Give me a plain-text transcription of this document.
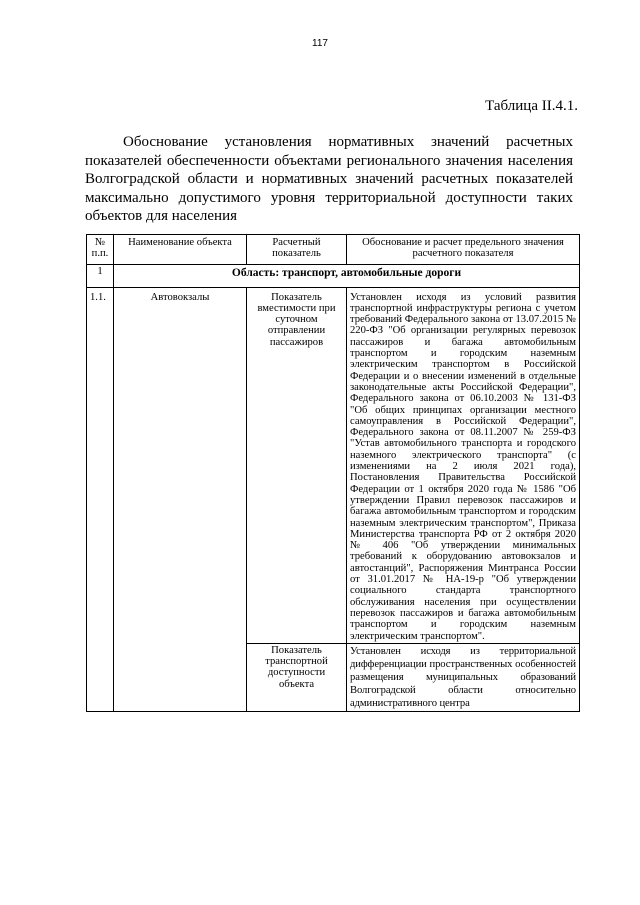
117
Таблица II.4.1.

Обоснование установления нормативных значений расчетных показателей обеспеченности объектами регионального значения населения Волгоградской области и нормативных значений расчетных показателей максимально допустимого уровня территориальной доступности таких объектов для населения

№ п.п.	Наименование объекта	Расчетный показатель	Обоснование и расчет предельного значения расчетного показателя
1	Область: транспорт, автомобильные дороги		
1.1.	Автовокзалы	Показатель вместимости при суточном отправлении пассажиров	Установлен исходя из условий развития транспортной инфраструктуры региона с учетом требований Федерального закона от 13.07.2015 № 220-ФЗ "Об организации регулярных перевозок пассажиров и багажа автомобильным транспортом и городским наземным электрическим транспортом в Российской Федерации и о внесении изменений в отдельные законодательные акты Российской Федерации", Федерального закона от 06.10.2003 № 131-ФЗ "Об общих принципах организации местного самоуправления в Российской Федерации", Федерального закона от 08.11.2007 № 259-ФЗ "Устав автомобильного транспорта и городского наземного электрического транспорта" (с изменениями на 2 июля 2021 года), Постановления Правительства Российской Федерации от 1 октября 2020 года № 1586 "Об утверждении Правил перевозок пассажиров и багажа автомобильным транспортом и городским наземным электрическим транспортом", Приказа Министерства транспорта РФ от 2 октября 2020 № 406 "Об утверждении минимальных требований к оборудованию автовокзалов и автостанций", Распоряжения Минтранса России от 31.01.2017 № НА-19-р "Об утверждении социального стандарта транспортного обслуживания населения при осуществлении перевозок пассажиров и багажа автомобильным транспортом и городским наземным электрическим транспортом".
		Показатель транспортной доступности объекта	Установлен исходя из территориальной дифференциации пространственных особенностей размещения муниципальных образований Волгоградской области относительно административного центра
